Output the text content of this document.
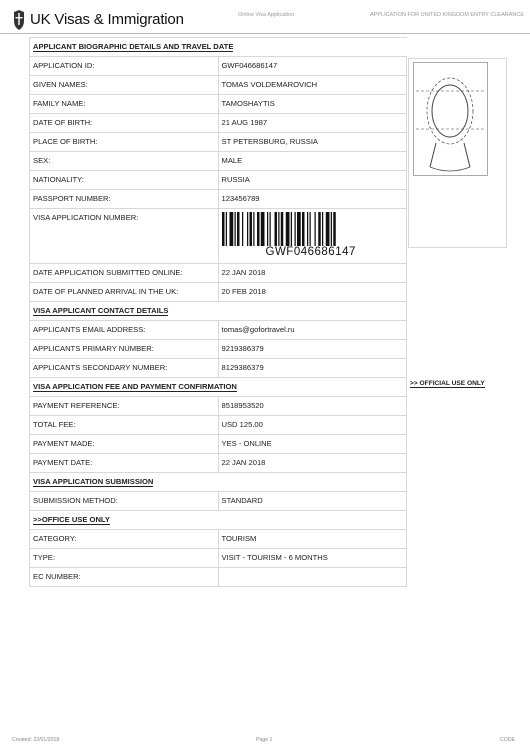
UK Visas & Immigration	Online Visa Application	APPLICATION FOR UNITED KINGDOM ENTRY CLEARANCE
APPLICANT BIOGRAPHIC DETAILS AND TRAVEL DATE	
APPLICATION ID:	GWF046686147
GIVEN NAMES:	TOMAS VOLDEMAROVICH
FAMILY NAME:	TAMOSHAYTIS
DATE OF BIRTH:	21 AUG 1987
PLACE OF BIRTH:	ST PETERSBURG, RUSSIA
SEX:	MALE
NATIONALITY:	RUSSIA
PASSPORT NUMBER:	123456789
VISA APPLICATION NUMBER:	GWF046686147

DATE APPLICATION SUBMITTED ONLINE:	22 JAN 2018
DATE OF PLANNED ARRIVAL IN THE UK:	20 FEB 2018
VISA APPLICANT CONTACT DETAILS	
APPLICANTS EMAIL ADDRESS:	tomas@gofortravel.ru
APPLICANTS PRIMARY NUMBER:	9219386379
APPLICANTS SECONDARY NUMBER:	8129386379
VISA APPLICATION FEE AND PAYMENT CONFIRMATION	
PAYMENT REFERENCE:	8518953520
TOTAL FEE:	USD 125.00
PAYMENT MADE:	YES - ONLINE
PAYMENT DATE:	22 JAN 2018
VISA APPLICATION SUBMISSION	
SUBMISSION METHOD:	STANDARD
>>OFFICE USE ONLY	
CATEGORY:	TOURISM
TYPE:	VISIT - TOURISM - 6 MONTHS
EC NUMBER:	
>> OFFICIAL USE ONLY
Created: 22/01/2018	Page 1	CODE
